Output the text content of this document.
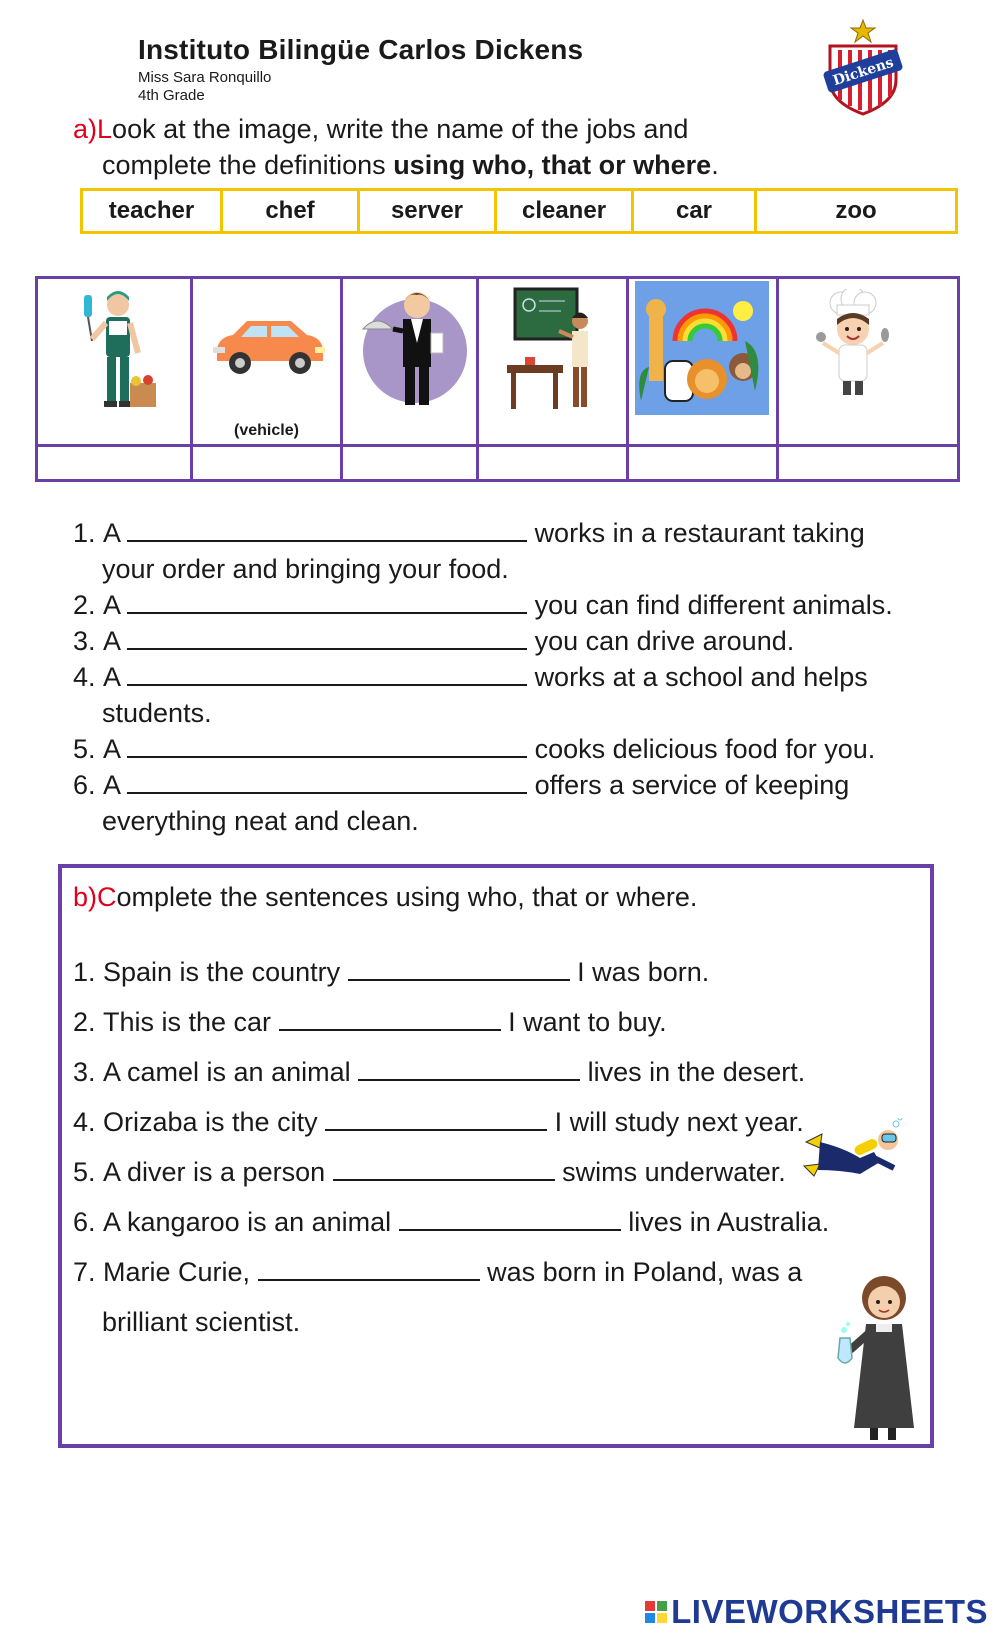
Instituto Bilingüe Carlos Dickens
Miss Sara Ronquillo
4th Grade
Dickens
a)Look at the image, write the name of the jobs and
complete the definitions using who, that or where.
teacher	chef	server	cleaner	car	zoo
(vehicle)
1. A	works in a restaurant taking
your order and bringing your food.
2. A	you can find different animals.
3. A	you can drive around.
4. A	works at a school and helps
students.
5. A	cooks delicious food for you.
6. A	offers a service of keeping
everything neat and clean.
b)Complete the sentences using who, that or where.
1. Spain is the country	I was born.
2. This is the car	I want to buy.
3. A camel is an animal	lives in the desert.
4. Orizaba is the city	I will study next year.
5. A diver is a person	swims underwater.
6. A kangaroo is an animal	lives in Australia.
7. Marie Curie,	was born in Poland, was a
brilliant scientist.
LIVEWORKSHEETS
